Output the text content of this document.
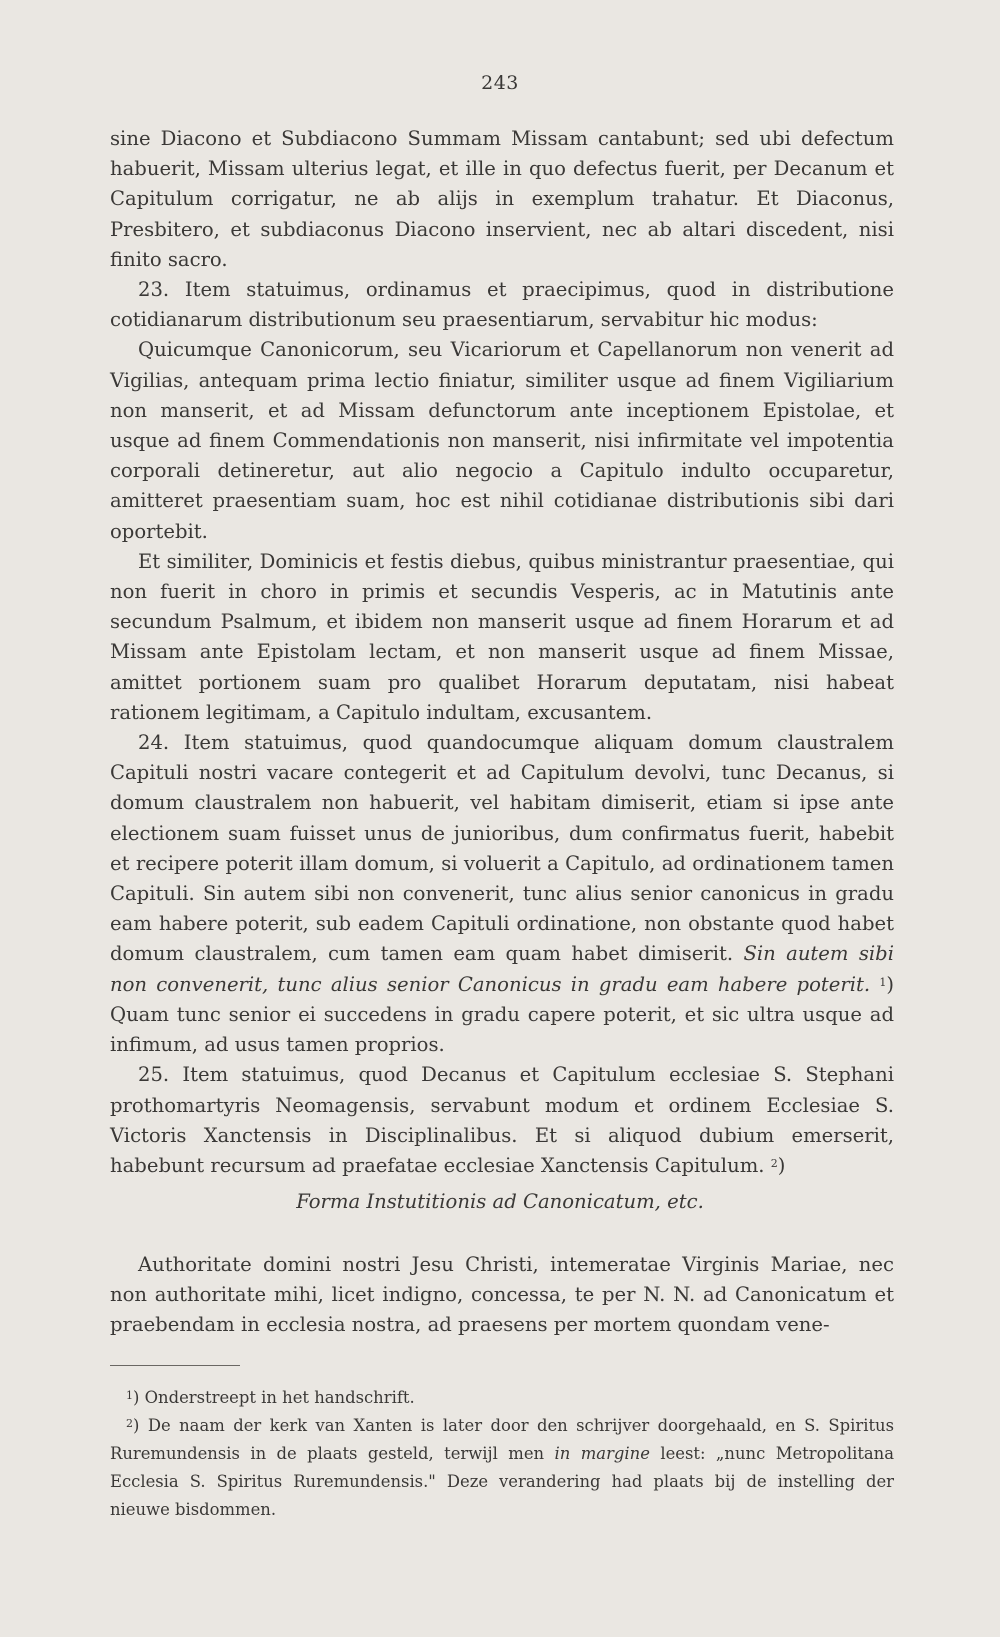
243

sine Diacono et Subdiacono Summam Missam cantabunt; sed ubi defectum habuerit, Missam ulterius legat, et ille in quo defectus fuerit, per Decanum et Capitulum corrigatur, ne ab alijs in exemplum trahatur. Et Diaconus, Presbitero, et subdiaconus Diacono inservient, nec ab altari discedent, nisi finito sacro.

23. Item statuimus, ordinamus et praecipimus, quod in distributione cotidianarum distributionum seu praesentiarum, servabitur hic modus:

Quicumque Canonicorum, seu Vicariorum et Capellanorum non venerit ad Vigilias, antequam prima lectio finiatur, similiter usque ad finem Vigiliarium non manserit, et ad Missam defunctorum ante inceptionem Epistolae, et usque ad finem Commendationis non manserit, nisi infirmitate vel impotentia corporali detineretur, aut alio negocio a Capitulo indulto occuparetur, amitteret praesentiam suam, hoc est nihil cotidianae distributionis sibi dari oportebit.

Et similiter, Dominicis et festis diebus, quibus ministrantur praesentiae, qui non fuerit in choro in primis et secundis Vesperis, ac in Matutinis ante secundum Psalmum, et ibidem non manserit usque ad finem Horarum et ad Missam ante Epistolam lectam, et non manserit usque ad finem Missae, amittet portionem suam pro qualibet Horarum deputatam, nisi habeat rationem legitimam, a Capitulo indultam, excusantem.

24. Item statuimus, quod quandocumque aliquam domum claustralem Capituli nostri vacare contegerit et ad Capitulum devolvi, tunc Decanus, si domum claustralem non habuerit, vel habitam dimiserit, etiam si ipse ante electionem suam fuisset unus de junioribus, dum confirmatus fuerit, habebit et recipere poterit illam domum, si voluerit a Capitulo, ad ordinationem tamen Capituli. Sin autem sibi non convenerit, tunc alius senior canonicus in gradu eam habere poterit, sub eadem Capituli ordinatione, non obstante quod habet domum claustralem, cum tamen eam quam habet dimiserit. Sin autem sibi non convenerit, tunc alius senior Canonicus in gradu eam habere poterit. $^1$) Quam tunc senior ei succedens in gradu capere poterit, et sic ultra usque ad infimum, ad usus tamen proprios.

25. Item statuimus, quod Decanus et Capitulum ecclesiae S. Stephani prothomartyris Neomagensis, servabunt modum et ordinem Ecclesiae S. Victoris Xanctensis in Disciplinalibus. Et si aliquod dubium emerserit, habebunt recursum ad praefatae ecclesiae Xanctensis Capitulum. $^2$)

Forma Instutitionis ad Canonicatum, etc.
Authoritate domini nostri Jesu Christi, intemeratae Virginis Mariae, nec non authoritate mihi, licet indigno, concessa, te per N. N. ad Canonicatum et praebendam in ecclesia nostra, ad praesens per mortem quondam vene-

$^1$) Onderstreept in het handschrift.

$^2$) De naam der kerk van Xanten is later door den schrijver doorgehaald, en S. Spiritus Ruremundensis in de plaats gesteld, terwijl men in margine leest: „nunc Metropolitana Ecclesia S. Spiritus Ruremundensis." Deze verandering had plaats bij de instelling der nieuwe bisdommen.
